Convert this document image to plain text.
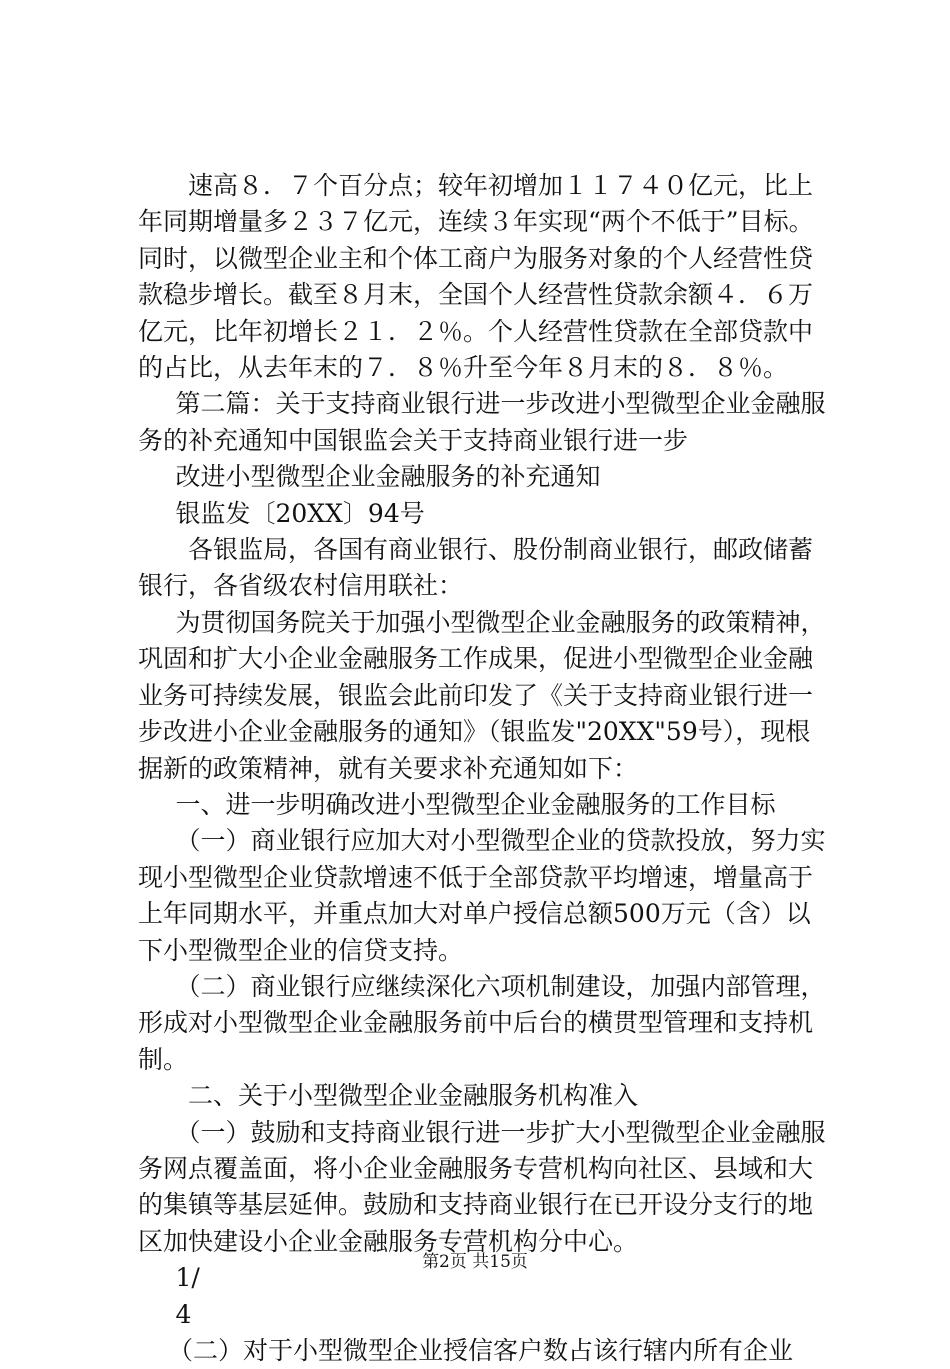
速高８．７个百分点；较年初增加１１７４０亿元，比上年同期增量多２３７亿元，连续３年实现“两个不低于”目标。同时，以微型企业主和个体工商户为服务对象的个人经营性贷款稳步增长。截至８月末，全国个人经营性贷款余额４．６万亿元，比年初增长２１．２％。个人经营性贷款在全部贷款中的占比，从去年末的７．８％升至今年８月末的８．８％。

第二篇：关于支持商业银行进一步改进小型微型企业金融服务的补充通知中国银监会关于支持商业银行进一步

改进小型微型企业金融服务的补充通知

银监发〔20XX〕94号

各银监局，各国有商业银行、股份制商业银行，邮政储蓄银行，各省级农村信用联社：

为贯彻国务院关于加强小型微型企业金融服务的政策精神，巩固和扩大小企业金融服务工作成果，促进小型微型企业金融业务可持续发展，银监会此前印发了《关于支持商业银行进一步改进小企业金融服务的通知》（银监发"20XX"59号），现根据新的政策精神，就有关要求补充通知如下：

一、进一步明确改进小型微型企业金融服务的工作目标

（一）商业银行应加大对小型微型企业的贷款投放，努力实现小型微型企业贷款增速不低于全部贷款平均增速，增量高于上年同期水平，并重点加大对单户授信总额500万元（含）以下小型微型企业的信贷支持。

（二）商业银行应继续深化六项机制建设，加强内部管理，形成对小型微型企业金融服务前中后台的横贯型管理和支持机制。

二、关于小型微型企业金融服务机构准入

（一）鼓励和支持商业银行进一步扩大小型微型企业金融服务网点覆盖面，将小企业金融服务专营机构向社区、县域和大的集镇等基层延伸。鼓励和支持商业银行在已开设分支行的地区加快建设小企业金融服务专营机构分中心。

1/

4

（二）对于小型微型企业授信客户数占该行辖内所有企业

第2页 共15页
